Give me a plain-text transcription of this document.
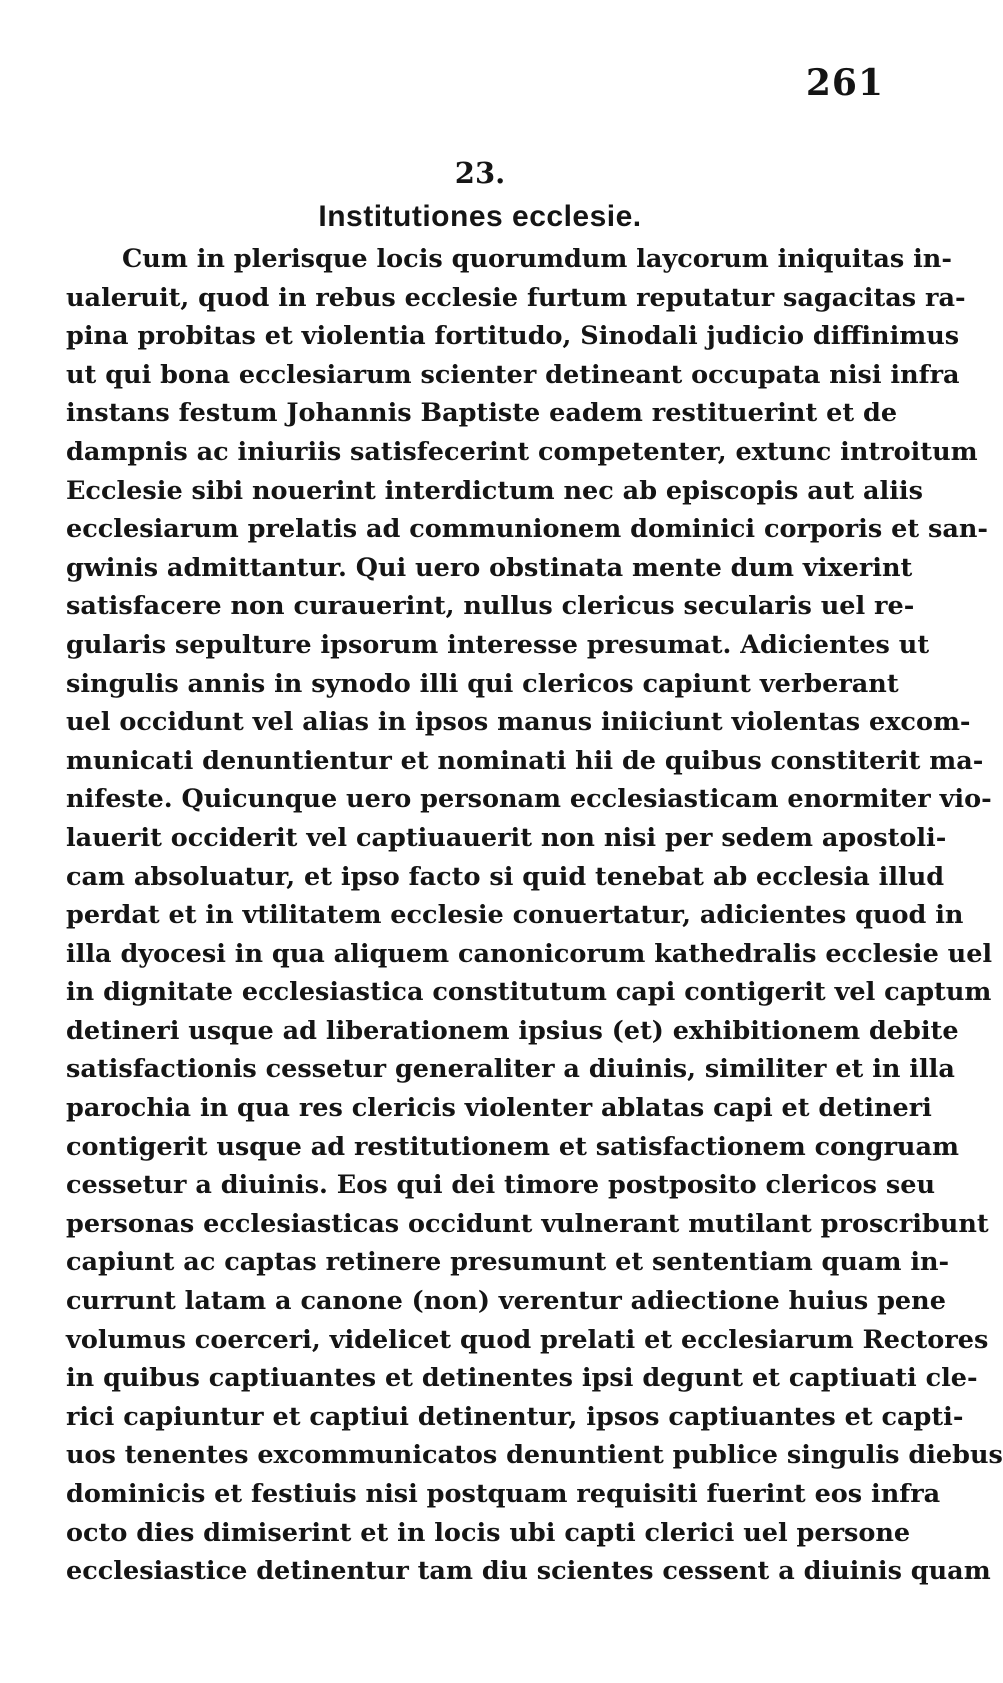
261
23.
Institutiones ecclesie.
Cum in plerisque locis quorumdum laycorum iniquitas in-
ualeruit, quod in rebus ecclesie furtum reputatur sagacitas ra-
pina probitas et violentia fortitudo, Sinodali judicio diffinimus
ut qui bona ecclesiarum scienter detineant occupata nisi infra
instans festum Johannis Baptiste eadem restituerint et de
dampnis ac iniuriis satisfecerint competenter, extunc introitum
Ecclesie sibi nouerint interdictum nec ab episcopis aut aliis
ecclesiarum prelatis ad communionem dominici corporis et san-
gwinis admittantur. Qui uero obstinata mente dum vixerint
satisfacere non curauerint, nullus clericus secularis uel re-
gularis sepulture ipsorum interesse presumat. Adicientes ut
singulis annis in synodo illi qui clericos capiunt verberant
uel occidunt vel alias in ipsos manus iniiciunt violentas excom-
municati denuntientur et nominati hii de quibus constiterit ma-
nifeste. Quicunque uero personam ecclesiasticam enormiter vio-
lauerit occiderit vel captiuauerit non nisi per sedem apostoli-
cam absoluatur, et ipso facto si quid tenebat ab ecclesia illud
perdat et in vtilitatem ecclesie conuertatur, adicientes quod in
illa dyocesi in qua aliquem canonicorum kathedralis ecclesie uel
in dignitate ecclesiastica constitutum capi contigerit vel captum
detineri usque ad liberationem ipsius (et) exhibitionem debite
satisfactionis cessetur generaliter a diuinis, similiter et in illa
parochia in qua res clericis violenter ablatas capi et detineri
contigerit usque ad restitutionem et satisfactionem congruam
cessetur a diuinis. Eos qui dei timore postposito clericos seu
personas ecclesiasticas occidunt vulnerant mutilant proscribunt
capiunt ac captas retinere presumunt et sententiam quam in-
currunt latam a canone (non) verentur adiectione huius pene
volumus coerceri, videlicet quod prelati et ecclesiarum Rectores
in quibus captiuantes et detinentes ipsi degunt et captiuati cle-
rici capiuntur et captiui detinentur, ipsos captiuantes et capti-
uos tenentes excommunicatos denuntient publice singulis diebus
dominicis et festiuis nisi postquam requisiti fuerint eos infra
octo dies dimiserint et in locis ubi capti clerici uel persone
ecclesiastice detinentur tam diu scientes cessent a diuinis quam
